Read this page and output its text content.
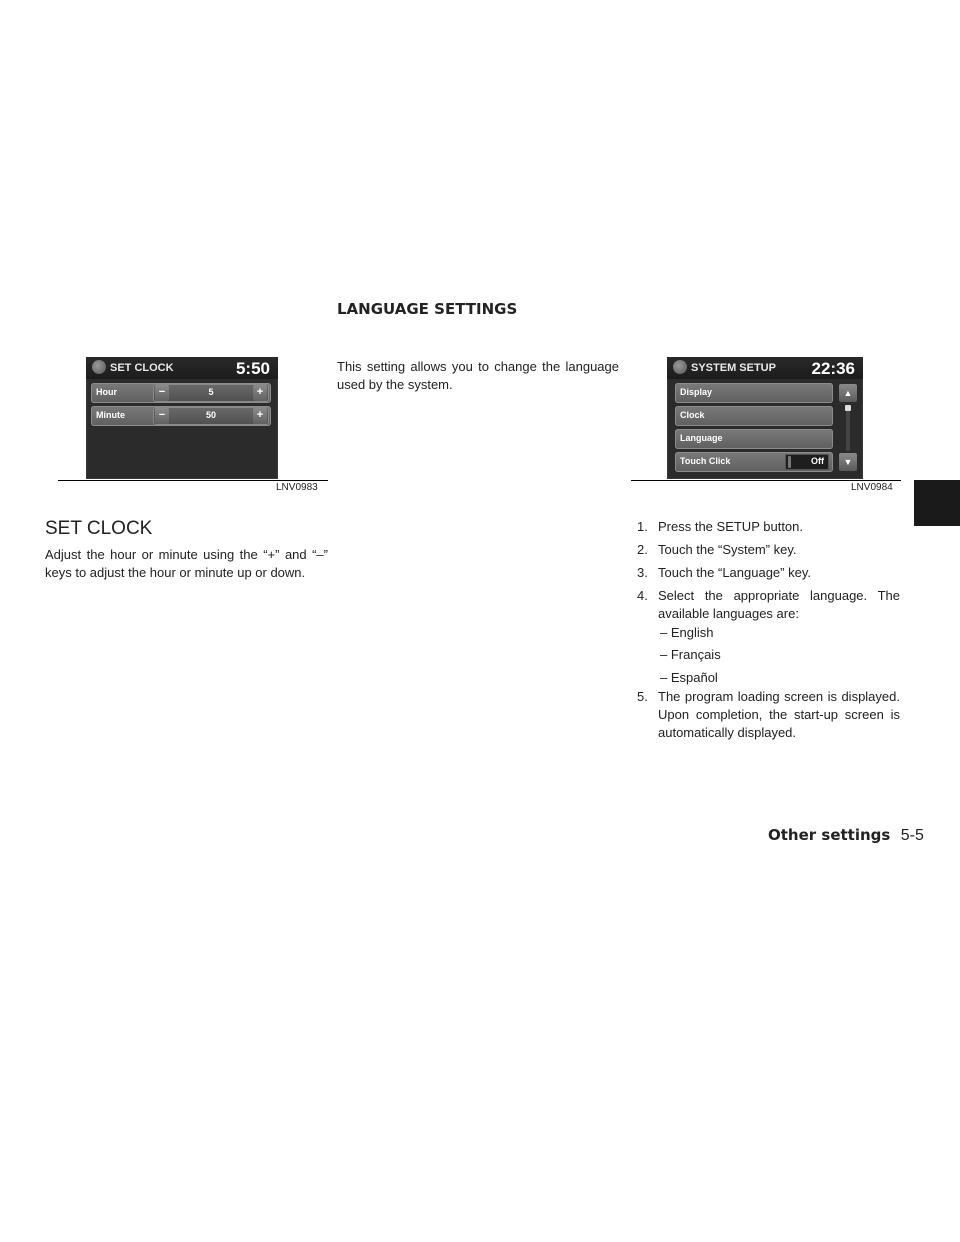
SET CLOCK	5:50
Hour	−	5	+
Minute	−	50	+
LNV0983
SET CLOCK

Adjust the hour or minute using the “+” and “–” keys to adjust the hour or minute up or down.

LANGUAGE SETTINGS

This setting allows you to change the language used by the system.

SYSTEM SETUP 22:36
Display
Clock
Language
Touch Click	Off
▲
▼
LNV0984
1. Press the SETUP button.
2. Touch the “System” key.
3. Touch the “Language” key.
4. Select the appropriate language. The available languages are:
– English
– Français
– Español
5. The program loading screen is displayed. Upon completion, the start-up screen is automatically displayed.
Other settings 5-5
